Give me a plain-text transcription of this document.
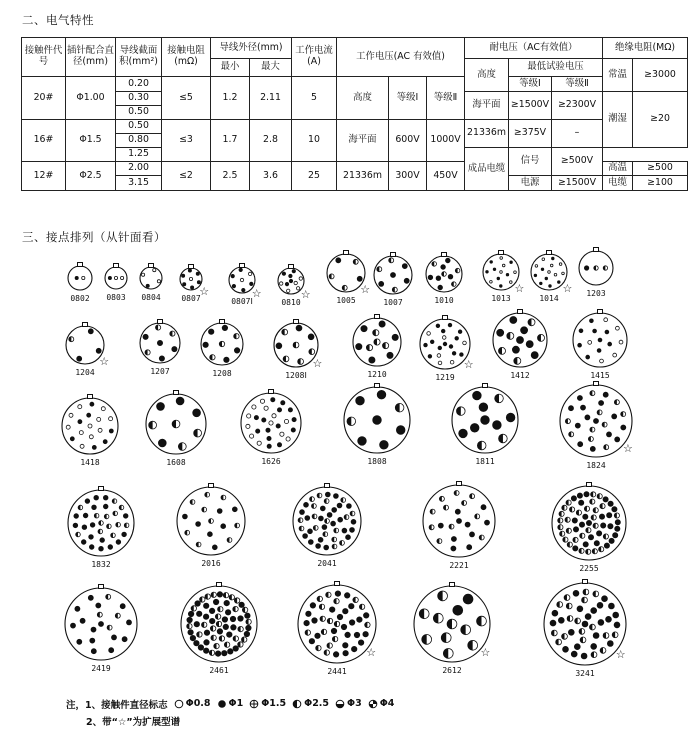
二、电气特性
接触件代号	插针配合直径(mm)	导线截面积(mm²)	接触电阻(mΩ)	导线外径(mm)		工作电流(A)	工作电压(AC 有效值)			耐电压（AC有效值）			绝缘电阻(MΩ)	
				最小	最大					高度	最低试验电压		常温	≥3000
20#	Φ1.00	0.20	≤5	1.2	2.11	5	高度	等级Ⅰ	等级Ⅱ		等级Ⅰ	等级Ⅱ		
		0.30								海平面	≥1500V	≥2300V	潮湿	≥20
		0.50												
16#	Φ1.5	0.50	≤3	1.7	2.8	10	海平面	600V	1000V	21336m	≥375V	–		
		0.80												
		1.25								成品电缆	信号	≥500V		
12#	Φ2.5	2.00	≤2	2.5	3.6	25	21336m	300V	450V				高温	≥500
		3.15									电源	≥1500V	电缆	≥100
三、接点排列（从针面看）
0802 0803 0804	0807
☆
0807Ⅰ
☆
0810
☆	1005
☆
1007	1010	1013
☆
1014
☆ 1203
1204
☆
1207	1208	1208Ⅰ
☆
1210	1219
☆
1412	1415
1418	1608	1626	1808	1811	1824
☆
1832	2016	2041	2221	2255
2419	2461	2441
☆
2612
☆
3241
☆
注，1、接触件直径标志 Φ0.8 Φ1 Φ1.5 Φ2.5 Φ3 Φ4
2、带“☆”为扩展型谱
